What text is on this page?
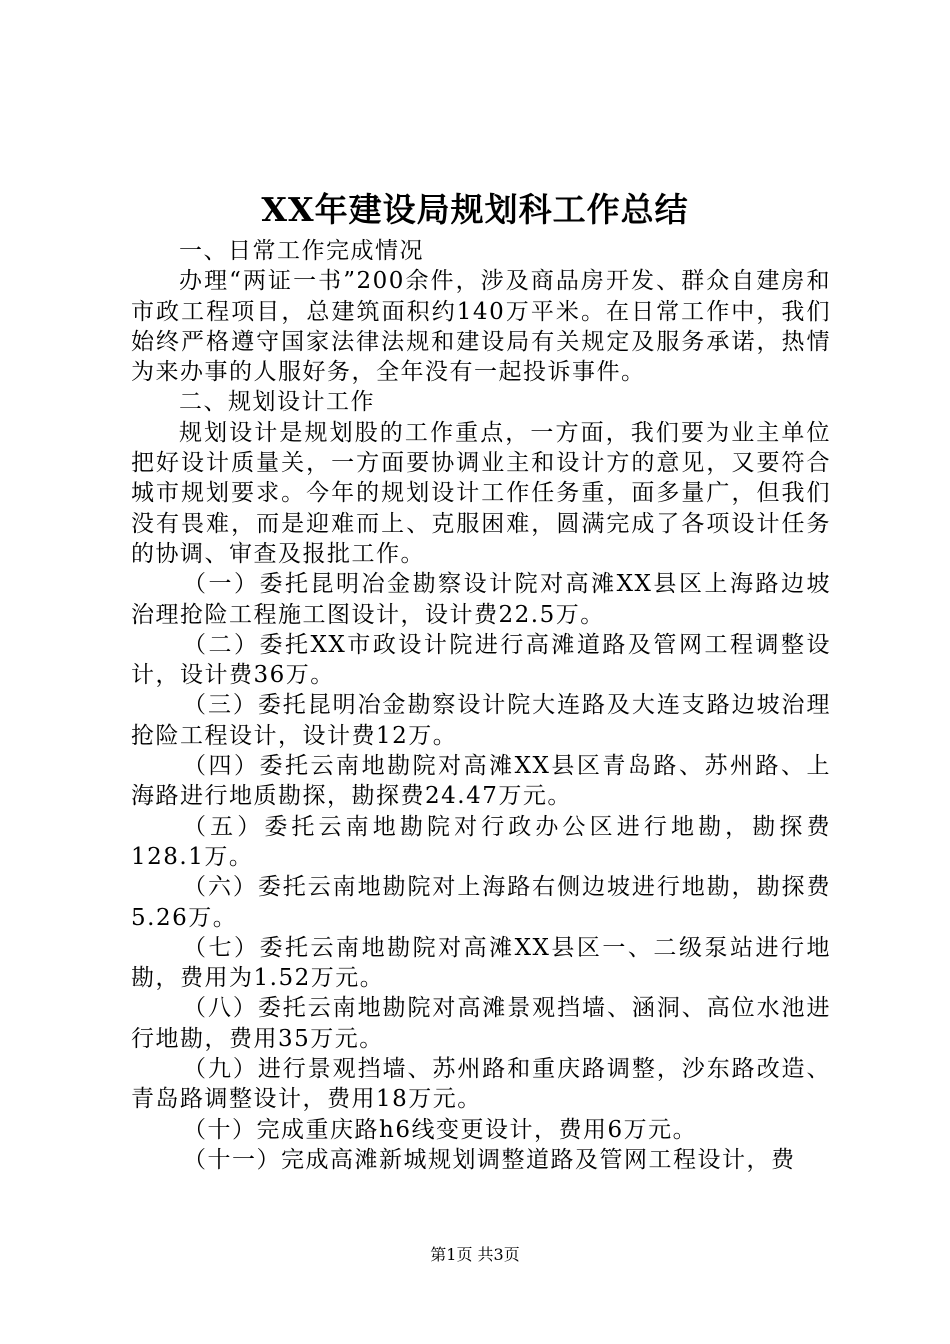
XX年建设局规划科工作总结

一、日常工作完成情况

办理“两证一书”200余件，涉及商品房开发、群众自建房和市政工程项目，总建筑面积约140万平米。在日常工作中，我们始终严格遵守国家法律法规和建设局有关规定及服务承诺，热情为来办事的人服好务，全年没有一起投诉事件。

二、规划设计工作

规划设计是规划股的工作重点，一方面，我们要为业主单位把好设计质量关，一方面要协调业主和设计方的意见，又要符合城市规划要求。今年的规划设计工作任务重，面多量广，但我们没有畏难，而是迎难而上、克服困难，圆满完成了各项设计任务的协调、审查及报批工作。

（一）委托昆明冶金勘察设计院对高滩XX县区上海路边坡治理抢险工程施工图设计，设计费22.5万。

（二）委托XX市政设计院进行高滩道路及管网工程调整设计，设计费36万。

（三）委托昆明冶金勘察设计院大连路及大连支路边坡治理抢险工程设计，设计费12万。

（四）委托云南地勘院对高滩XX县区青岛路、苏州路、上海路进行地质勘探，勘探费24.47万元。

（五）委托云南地勘院对行政办公区进行地勘，勘探费128.1万。

（六）委托云南地勘院对上海路右侧边坡进行地勘，勘探费5.26万。

（七）委托云南地勘院对高滩XX县区一、二级泵站进行地勘，费用为1.52万元。

（八）委托云南地勘院对高滩景观挡墙、涵洞、高位水池进行地勘，费用35万元。

（九）进行景观挡墙、苏州路和重庆路调整，沙东路改造、青岛路调整设计，费用18万元。

（十）完成重庆路h6线变更设计，费用6万元。

（十一）完成高滩新城规划调整道路及管网工程设计，费

第1页 共3页
